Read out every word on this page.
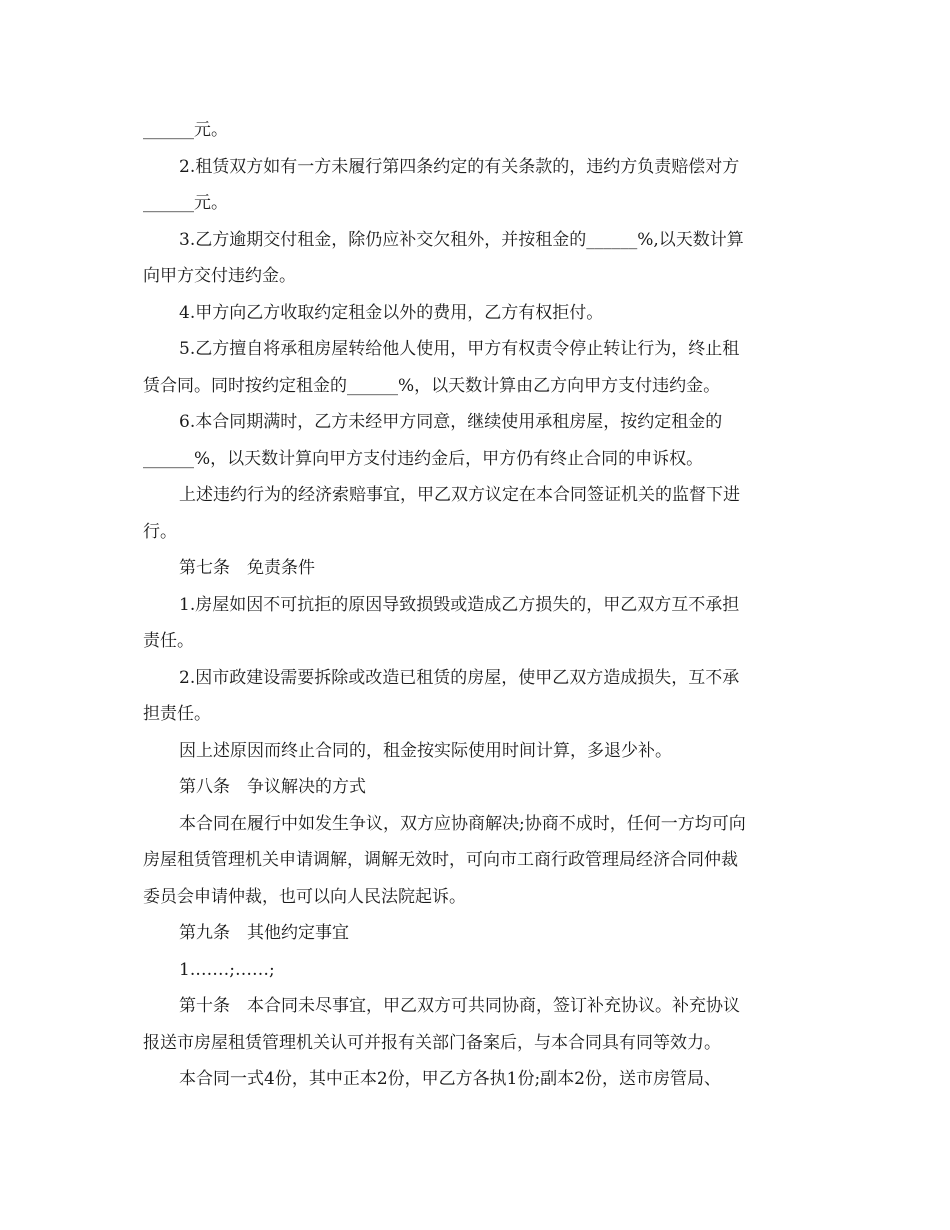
______元。
2.租赁双方如有一方未履行第四条约定的有关条款的，违约方负责赔偿对方
______元。
3.乙方逾期交付租金，除仍应补交欠租外，并按租金的______%,以天数计算
向甲方交付违约金。
4.甲方向乙方收取约定租金以外的费用，乙方有权拒付。
5.乙方擅自将承租房屋转给他人使用，甲方有权责令停止转让行为，终止租
赁合同。同时按约定租金的______%，以天数计算由乙方向甲方支付违约金。
6.本合同期满时，乙方未经甲方同意，继续使用承租房屋，按约定租金的
______%，以天数计算向甲方支付违约金后，甲方仍有终止合同的申诉权。
上述违约行为的经济索赔事宜，甲乙双方议定在本合同签证机关的监督下进
行。
第七条　免责条件
1.房屋如因不可抗拒的原因导致损毁或造成乙方损失的，甲乙双方互不承担
责任。
2.因市政建设需要拆除或改造已租赁的房屋，使甲乙双方造成损失，互不承
担责任。
因上述原因而终止合同的，租金按实际使用时间计算，多退少补。
第八条　争议解决的方式
本合同在履行中如发生争议，双方应协商解决;协商不成时，任何一方均可向
房屋租赁管理机关申请调解，调解无效时，可向市工商行政管理局经济合同仲裁
委员会申请仲裁，也可以向人民法院起诉。
第九条　其他约定事宜
1.……;……;
第十条　本合同未尽事宜，甲乙双方可共同协商，签订补充协议。补充协议
报送市房屋租赁管理机关认可并报有关部门备案后，与本合同具有同等效力。
本合同一式4份，其中正本2份，甲乙方各执1份;副本2份，送市房管局、
